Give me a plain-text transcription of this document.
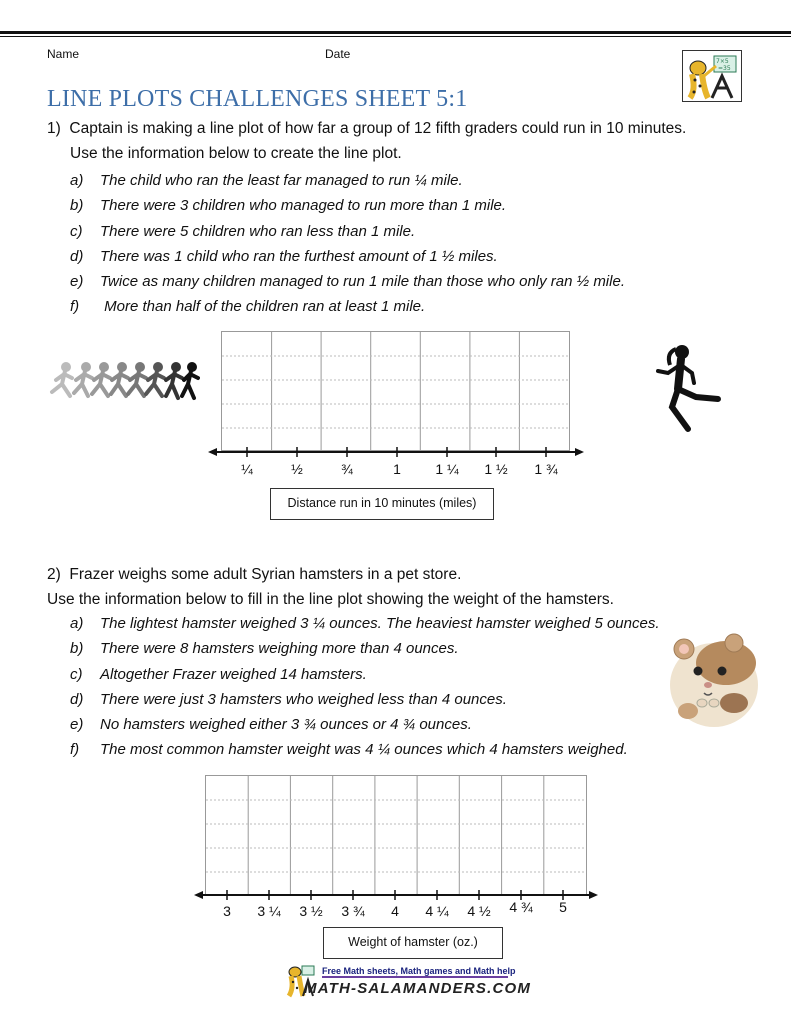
Name	Date
7×5
=35
LINE PLOTS CHALLENGES SHEET 5:1
1) Captain is making a line plot of how far a group of 12 fifth graders could run in 10 minutes.
Use the information below to create the line plot.
a) The child who ran the least far managed to run ¼ mile.
b) There were 3 children who managed to run more than 1 mile.
c) There were 5 children who ran less than 1 mile.
d) There was 1 child who ran the furthest amount of 1 ½ miles.
e) Twice as many children managed to run 1 mile than those who only ran ½ mile.
f) More than half of the children ran at least 1 mile.
¼	½	¾	1	1 ¼	1 ½	1 ¾
Distance run in 10 minutes (miles)
2) Frazer weighs some adult Syrian hamsters in a pet store.
Use the information below to fill in the line plot showing the weight of the hamsters.
a) The lightest hamster weighed 3 ¼ ounces. The heaviest hamster weighed 5 ounces.
b) There were 8 hamsters weighing more than 4 ounces.
c) Altogether Frazer weighed 14 hamsters.
d) There were just 3 hamsters who weighed less than 4 ounces.
e) No hamsters weighed either 3 ¾ ounces or 4 ¾ ounces.
f) The most common hamster weight was 4 ¼ ounces which 4 hamsters weighed.
3	3 ¼	3 ½	3 ¾	4	4 ¼	4 ½	4 ¾	5
Weight of hamster (oz.)
Free Math sheets, Math games and Math help
MATH-SALAMANDERS.COM
